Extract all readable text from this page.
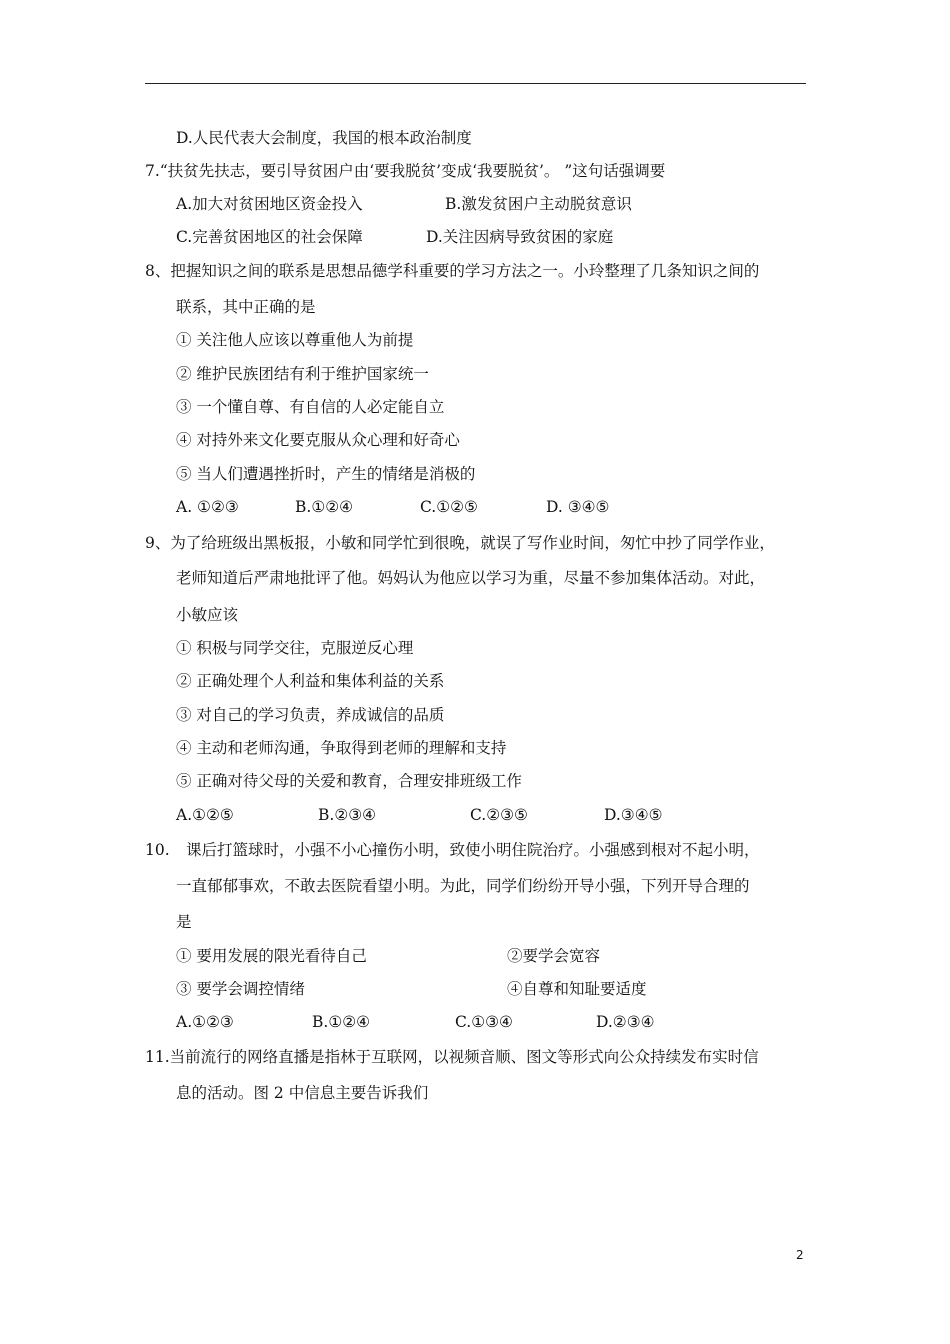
D.人民代表大会制度，我国的根本政治制度
7.“扶贫先扶志，要引导贫困户由‘要我脱贫’变成‘我要脱贫’。 ”这句话强调要
A.加大对贫困地区资金投入	B.激发贫困户主动脱贫意识
C.完善贫困地区的社会保障	D.关注因病导致贫困的家庭
8、把握知识之间的联系是思想品德学科重要的学习方法之一。小玲整理了几条知识之间的
联系，其中正确的是
① 关注他人应该以尊重他人为前提
② 维护民族团结有利于维护国家统一
③ 一个懂自尊、有自信的人必定能自立
④ 对持外来文化要克服从众心理和好奇心
⑤ 当人们遭遇挫折时，产生的情绪是消极的
A. ①②③	B.①②④	C.①②⑤	D. ③④⑤
9、为了给班级出黑板报，小敏和同学忙到很晚，就误了写作业时间，匆忙中抄了同学作业，
老师知道后严肃地批评了他。妈妈认为他应以学习为重，尽量不参加集体活动。对此，
小敏应该
① 积极与同学交往，克服逆反心理
② 正确处理个人利益和集体利益的关系
③ 对自己的学习负责，养成诚信的品质
④ 主动和老师沟通，争取得到老师的理解和支持
⑤ 正确对待父母的关爱和教育，合理安排班级工作
A.①②⑤	B.②③④	C.②③⑤	D.③④⑤
10. 课后打篮球时，小强不小心撞伤小明，致使小明住院治疗。小强感到根对不起小明，
一直郁郁事欢，不敢去医院看望小明。为此，同学们纷纷开导小强，下列开导合理的
是
① 要用发展的限光看待自己	②要学会宽容
③ 要学会调控情绪	④自尊和知耻要适度
A.①②③	B.①②④	C.①③④	D.②③④
11.当前流行的网络直播是指林于互联网，以视频音顺、图文等形式向公众持续发布实时信
息的活动。图 2 中信息主要告诉我们
2
